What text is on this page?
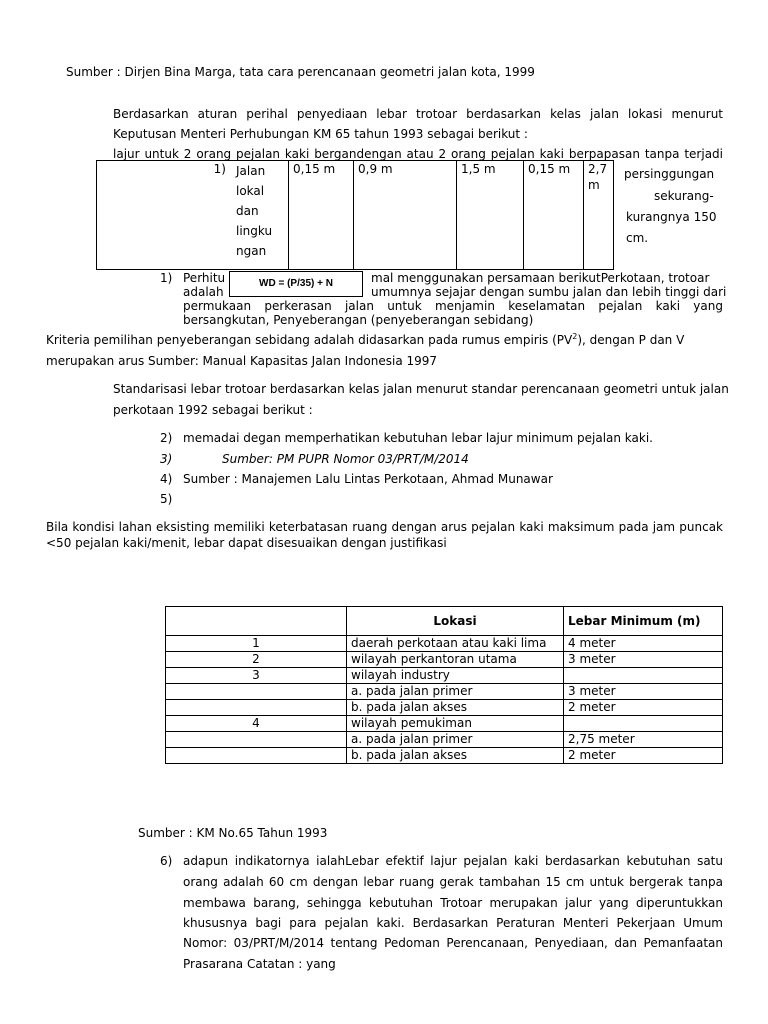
Sumber : Dirjen Bina Marga, tata cara perencanaan geometri jalan kota, 1999
Berdasarkan aturan perihal penyediaan lebar trotoar berdasarkan kelas jalan lokasi menurut
Keputusan Menteri Perhubungan KM 65 tahun 1993 sebagai berikut :
lajur untuk 2 orang pejalan kaki bergandengan atau 2 orang pejalan kaki berpapasan tanpa terjadi
1)	Jalan
lokal
dan
lingku
ngan
	0,15 m	0,9 m	1,5 m	0,15 m	2,7 m
persinggungan
sekurang-
kurangnya 150
cm.
1) Perhitu	mal menggunakan persamaan berikutPerkotaan, trotoar
adalah	umumnya sejajar dengan sumbu jalan dan lebih tinggi dari
permukaan perkerasan jalan untuk menjamin keselamatan pejalan kaki yang
bersangkutan, Penyeberangan (penyeberangan sebidang)
WD = (P/35) + N
Kriteria pemilihan penyeberangan sebidang adalah didasarkan pada rumus empiris $(PV^2)$, dengan P dan V
merupakan arus Sumber: Manual Kapasitas Jalan Indonesia 1997
Standarisasi lebar trotoar berdasarkan kelas jalan menurut standar perencanaan geometri untuk jalan
perkotaan 1992 sebagai berikut :
2) memadai degan memperhatikan kebutuhan lebar lajur minimum pejalan kaki.
3)	Sumber: PM PUPR Nomor 03/PRT/M/2014
4) Sumber : Manajemen Lalu Lintas Perkotaan, Ahmad Munawar
5)
Bila kondisi lahan eksisting memiliki keterbatasan ruang dengan arus pejalan kaki maksimum pada jam puncak
<50 pejalan kaki/menit, lebar dapat disesuaikan dengan justifikasi
	Lokasi	Lebar Minimum (m)
1	daerah perkotaan atau kaki lima	4 meter
2	wilayah perkantoran utama	3 meter
3	wilayah industry	
	a. pada jalan primer	3 meter
	b. pada jalan akses	2 meter
4	wilayah pemukiman	
	a. pada jalan primer	2,75 meter
	b. pada jalan akses	2 meter
Sumber : KM No.65 Tahun 1993
6) adapun indikatornya ialahLebar efektif lajur pejalan kaki berdasarkan kebutuhan satu
orang adalah 60 cm dengan lebar ruang gerak tambahan 15 cm untuk bergerak tanpa
membawa barang, sehingga kebutuhan Trotoar merupakan jalur yang diperuntukkan
khususnya bagi para pejalan kaki. Berdasarkan Peraturan Menteri Pekerjaan Umum
Nomor: 03/PRT/M/2014 tentang Pedoman Perencanaan, Penyediaan, dan Pemanfaatan
Prasarana Catatan : yang
